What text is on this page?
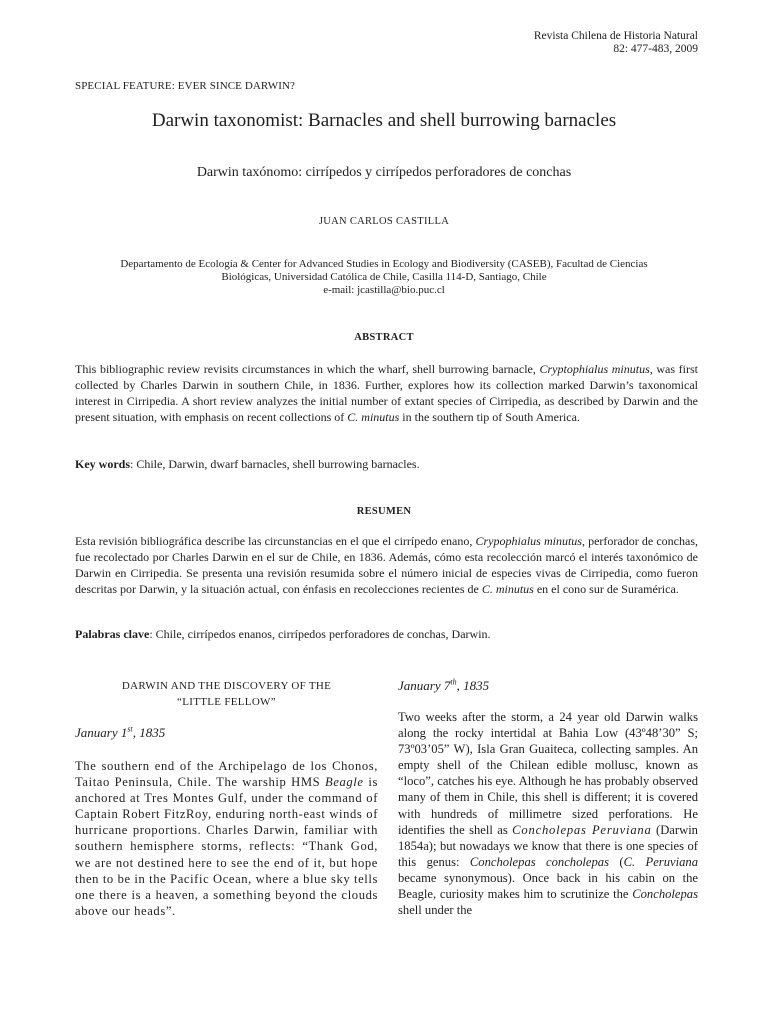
Revista Chilena de Historia Natural
82: 477-483, 2009
SPECIAL FEATURE: EVER SINCE DARWIN?
Darwin taxonomist: Barnacles and shell burrowing barnacles
Darwin taxónomo: cirrípedos y cirrípedos perforadores de conchas
JUAN CARLOS CASTILLA
Departamento de Ecología & Center for Advanced Studies in Ecology and Biodiversity (CASEB), Facultad de Ciencias
Biológicas, Universidad Católica de Chile, Casilla 114-D, Santiago, Chile
e-mail: jcastilla@bio.puc.cl
ABSTRACT

This bibliographic review revisits circumstances in which the wharf, shell burrowing barnacle, Cryptophialus minutus, was first collected by Charles Darwin in southern Chile, in 1836. Further, explores how its collection marked Darwin’s taxonomical interest in Cirripedia. A short review analyzes the initial number of extant species of Cirripedia, as described by Darwin and the present situation, with emphasis on recent collections of C. minutus in the southern tip of South America.

Key words: Chile, Darwin, dwarf barnacles, shell burrowing barnacles.

RESUMEN

Esta revisión bibliográfica describe las circunstancias en el que el cirrípedo enano, Crypophialus minutus, perforador de conchas, fue recolectado por Charles Darwin en el sur de Chile, en 1836. Además, cómo esta recolección marcó el interés taxonómico de Darwin en Cirripedia. Se presenta una revisión resumida sobre el número inicial de especies vivas de Cirripedia, como fueron descritas por Darwin, y la situación actual, con énfasis en recolecciones recientes de C. minutus en el cono sur de Suramérica.

Palabras clave: Chile, cirrípedos enanos, cirrípedos perforadores de conchas, Darwin.

DARWIN AND THE DISCOVERY OF THE
“LITTLE FELLOW”
January 1st, 1835

The southern end of the Archipelago de los Chonos, Taitao Peninsula, Chile. The warship HMS Beagle is anchored at Tres Montes Gulf, under the command of Captain Robert FitzRoy, enduring north-east winds of hurricane proportions. Charles Darwin, familiar with southern hemisphere storms, reflects: “Thank God, we are not destined here to see the end of it, but hope then to be in the Pacific Ocean, where a blue sky tells one there is a heaven, a something beyond the clouds above our heads”.

January 7th, 1835

Two weeks after the storm, a 24 year old Darwin walks along the rocky intertidal at Bahia Low (43º48’30” S; 73º03’05” W), Isla Gran Guaiteca, collecting samples. An empty shell of the Chilean edible mollusc, known as “loco”, catches his eye. Although he has probably observed many of them in Chile, this shell is different; it is covered with hundreds of millimetre sized perforations. He identifies the shell as Concholepas Peruviana (Darwin 1854a); but nowadays we know that there is one species of this genus: Concholepas concholepas (C. Peruviana became synonymous). Once back in his cabin on the Beagle, curiosity makes him to scrutinize the Concholepas shell under the
